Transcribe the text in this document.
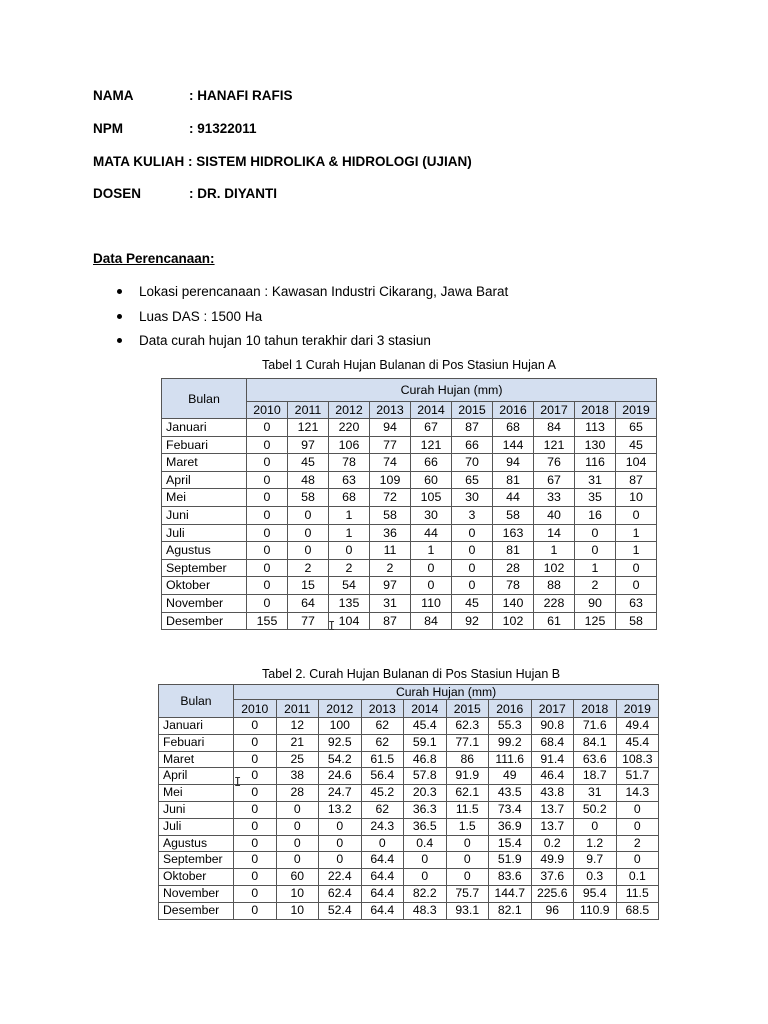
NAMA	: HANAFI RAFIS
NPM	: 91322011
MATA KULIAH : SISTEM HIDROLIKA & HIDROLOGI (UJIAN)
DOSEN	: DR. DIYANTI
Data Perencanaan:
Lokasi perencanaan : Kawasan Industri Cikarang, Jawa Barat
Luas DAS : 1500 Ha
Data curah hujan 10 tahun terakhir dari 3 stasiun
Tabel 1 Curah Hujan Bulanan di Pos Stasiun Hujan A
Bulan	Curah Hujan (mm)									
	2010	2011	2012	2013	2014	2015	2016	2017	2018	2019
Januari	0	121	220	94	67	87	68	84	113	65
Febuari	0	97	106	77	121	66	144	121	130	45
Maret	0	45	78	74	66	70	94	76	116	104
April	0	48	63	109	60	65	81	67	31	87
Mei	0	58	68	72	105	30	44	33	35	10
Juni	0	0	1	58	30	3	58	40	16	0
Juli	0	0	1	36	44	0	163	14	0	1
Agustus	0	0	0	11	1	0	81	1	0	1
September	0	2	2	2	0	0	28	102	1	0
Oktober	0	15	54	97	0	0	78	88	2	0
November	0	64	135	31	110	45	140	228	90	63
Desember	155	77	104	87	84	92	102	61	125	58
I
Tabel 2. Curah Hujan Bulanan di Pos Stasiun Hujan B
Bulan	Curah Hujan (mm)									
	2010	2011	2012	2013	2014	2015	2016	2017	2018	2019
Januari	0	12	100	62	45.4	62.3	55.3	90.8	71.6	49.4
Febuari	0	21	92.5	62	59.1	77.1	99.2	68.4	84.1	45.4
Maret	0	25	54.2	61.5	46.8	86	111.6	91.4	63.6	108.3
April	0	38	24.6	56.4	57.8	91.9	49	46.4	18.7	51.7
Mei	0	28	24.7	45.2	20.3	62.1	43.5	43.8	31	14.3
Juni	0	0	13.2	62	36.3	11.5	73.4	13.7	50.2	0
Juli	0	0	0	24.3	36.5	1.5	36.9	13.7	0	0
Agustus	0	0	0	0	0.4	0	15.4	0.2	1.2	2
September	0	0	0	64.4	0	0	51.9	49.9	9.7	0
Oktober	0	60	22.4	64.4	0	0	83.6	37.6	0.3	0.1
November	0	10	62.4	64.4	82.2	75.7	144.7	225.6	95.4	11.5
Desember	0	10	52.4	64.4	48.3	93.1	82.1	96	110.9	68.5
I
